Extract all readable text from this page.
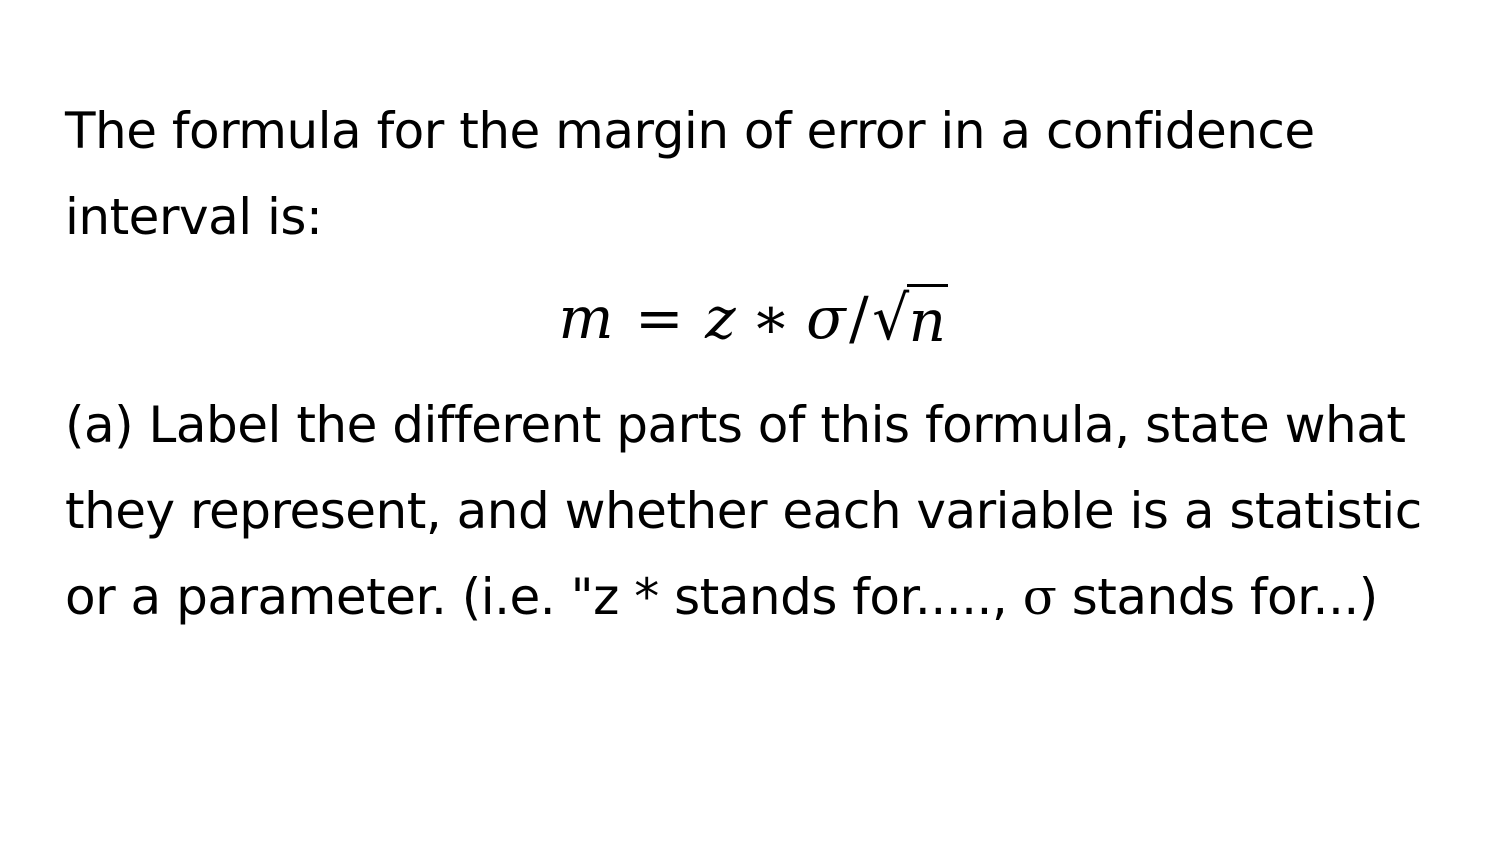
The formula for the margin of error in a confidence interval is:

m = z ∗ σ / √ n

(a) Label the different parts of this formula, state what they represent, and whether each variable is a statistic or a parameter. (i.e. "z * stands for....., σ stands for...)
